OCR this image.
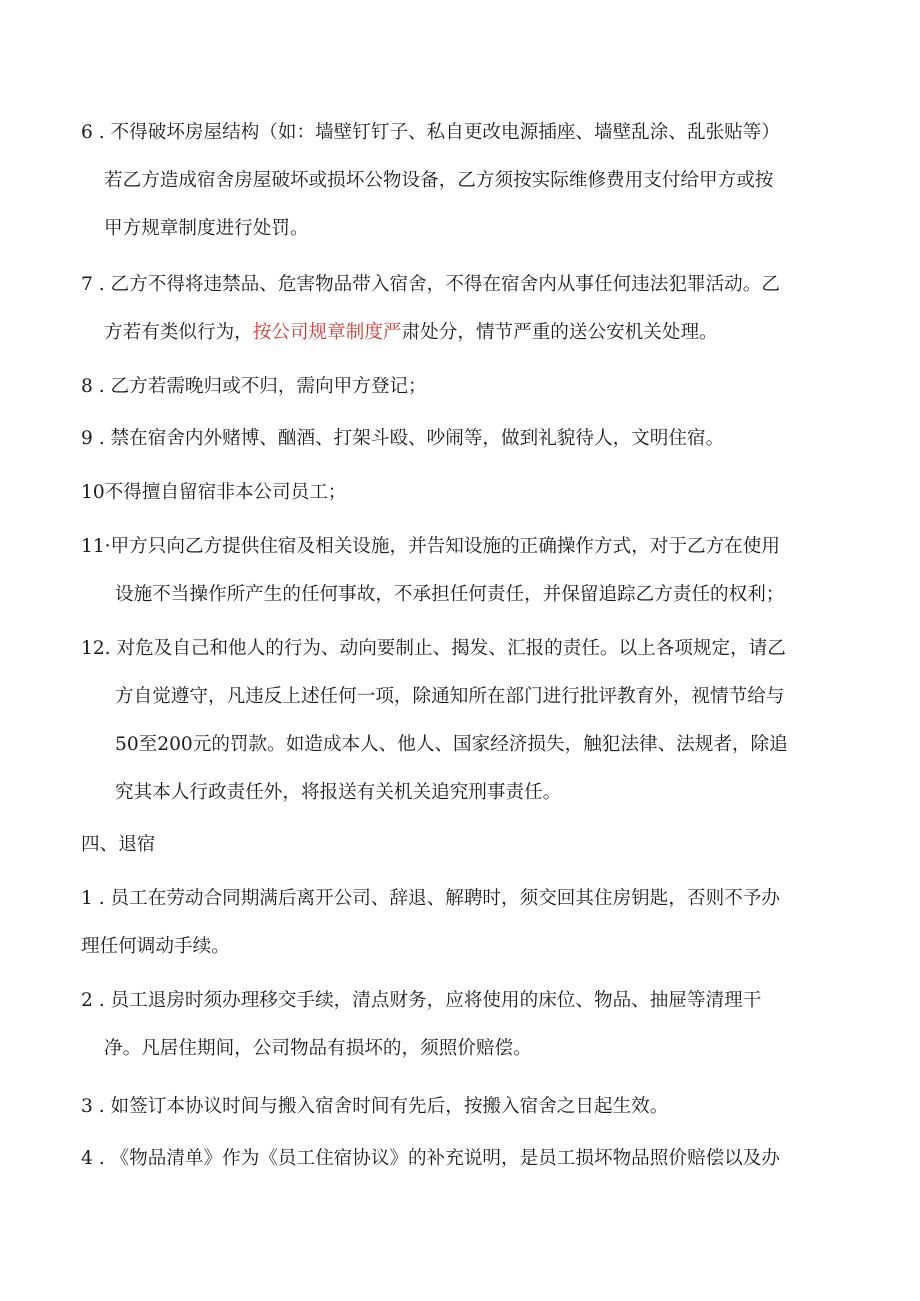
6 . 不得破坏房屋结构（如：墙壁钉钉子、私自更改电源插座、墙壁乱涂、乱张贴等）
若乙方造成宿舍房屋破坏或损坏公物设备，乙方须按实际维修费用支付给甲方或按
甲方规章制度进行处罚。
7 . 乙方不得将违禁品、危害物品带入宿舍，不得在宿舍内从事任何违法犯罪活动。乙
方若有类似行为，按公司规章制度严肃处分，情节严重的送公安机关处理。
8 . 乙方若需晚归或不归，需向甲方登记；
9 . 禁在宿舍内外赌博、酗酒、打架斗殴、吵闹等，做到礼貌待人，文明住宿。
10不得擅自留宿非本公司员工；
11·甲方只向乙方提供住宿及相关设施，并告知设施的正确操作方式，对于乙方在使用
设施不当操作所产生的任何事故，不承担任何责任，并保留追踪乙方责任的权利；
12. 对危及自己和他人的行为、动向要制止、揭发、汇报的责任。以上各项规定，请乙
方自觉遵守，凡违反上述任何一项，除通知所在部门进行批评教育外，视情节给与
50至200元的罚款。如造成本人、他人、国家经济损失，触犯法律、法规者，除追
究其本人行政责任外，将报送有关机关追究刑事责任。
四、退宿
1 . 员工在劳动合同期满后离开公司、辞退、解聘时，须交回其住房钥匙，否则不予办
理任何调动手续。
2 . 员工退房时须办理移交手续，清点财务，应将使用的床位、物品、抽屉等清理干
净。凡居住期间，公司物品有损坏的，须照价赔偿。
3 . 如签订本协议时间与搬入宿舍时间有先后，按搬入宿舍之日起生效。
4 . 《物品清单》作为《员工住宿协议》的补充说明，是员工损坏物品照价赔偿以及办
